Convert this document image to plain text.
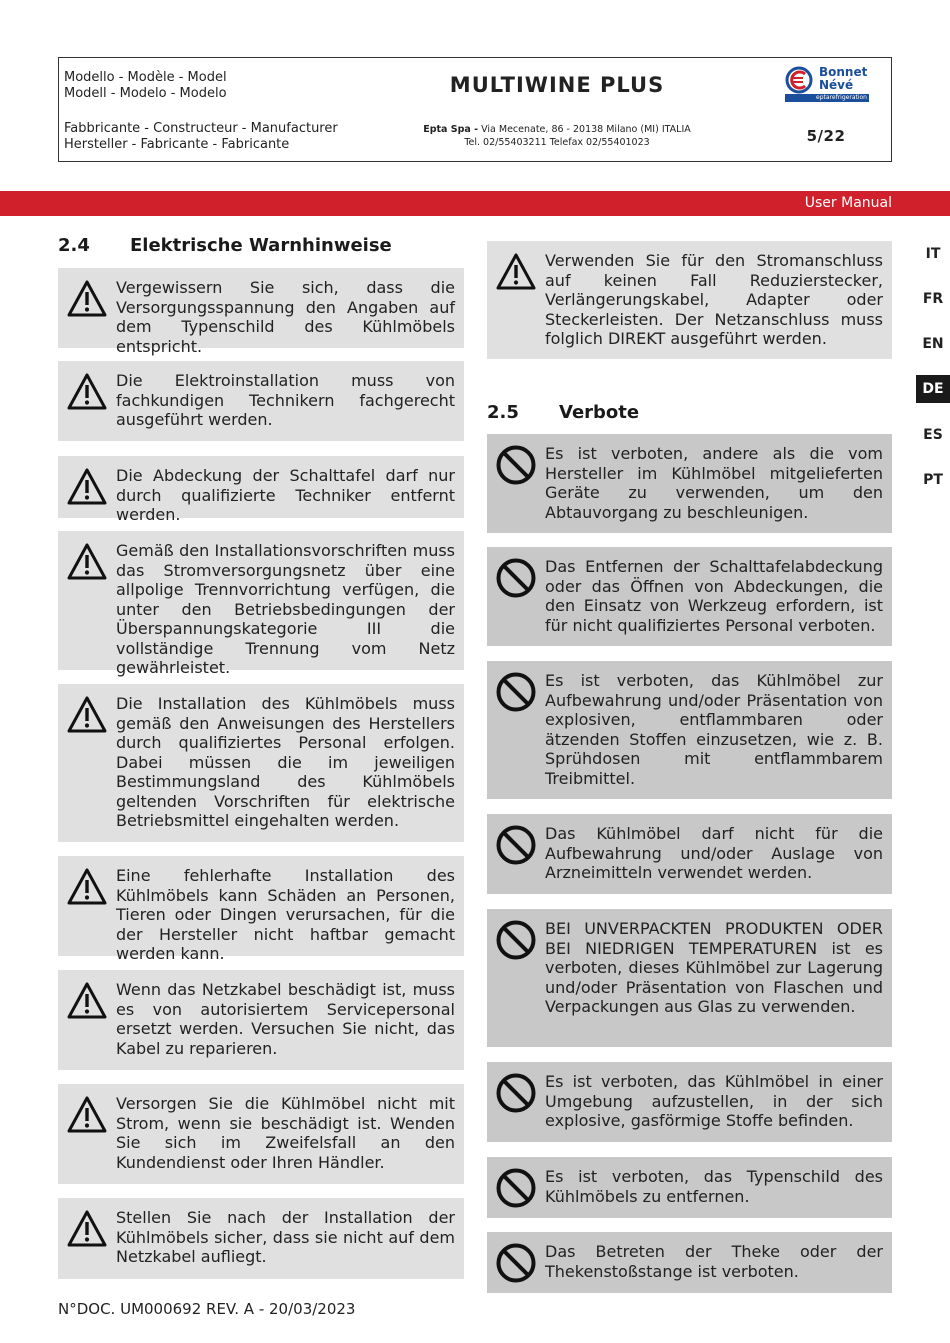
Modello - Modèle - Model
Modell - Modelo - Modelo	MULTIWINE PLUS
Bonnet
Névé
eptarefrigeration
Fabbricante - Constructeur - Manufacturer
Hersteller - Fabricante - Fabricante
Epta Spa - Via Mecenate, 86 - 20138 Milano (MI) ITALIA
Tel. 02/55403211 Telefax 02/55401023	5/22
User Manual
IT
FR
EN
DE
ES
PT
2.4 Elektrische Warnhinweise
Vergewissern Sie sich, dass die Versorgungsspannung den Angaben auf dem Typenschild des Kühlmöbels entspricht.
Die Elektroinstallation muss von fachkundigen Technikern fachgerecht ausgeführt werden.
Die Abdeckung der Schalttafel darf nur durch qualifizierte Techniker entfernt werden.
Gemäß den Installationsvorschriften muss das Stromversorgungsnetz über eine allpolige Trennvorrichtung verfügen, die unter den Betriebsbedingungen der Überspannungskategorie III die vollständige Trennung vom Netz gewährleistet.
Die Installation des Kühlmöbels muss gemäß den Anweisungen des Herstellers durch qualifiziertes Personal erfolgen. Dabei müssen die im jeweiligen Bestimmungsland des Kühlmöbels geltenden Vorschriften für elektrische Betriebsmittel eingehalten werden.
Eine fehlerhafte Installation des Kühlmöbels kann Schäden an Personen, Tieren oder Dingen verursachen, für die der Hersteller nicht haftbar gemacht werden kann.
Wenn das Netzkabel beschädigt ist, muss es von autorisiertem Servicepersonal ersetzt werden. Versuchen Sie nicht, das Kabel zu reparieren.
Versorgen Sie die Kühlmöbel nicht mit Strom, wenn sie beschädigt ist. Wenden Sie sich im Zweifelsfall an den Kundendienst oder Ihren Händler.
Stellen Sie nach der Installation der Kühlmöbels sicher, dass sie nicht auf dem Netzkabel aufliegt.
Verwenden Sie für den Stromanschluss auf keinen Fall Reduzierstecker, Verlängerungskabel, Adapter oder Steckerleisten. Der Netzanschluss muss folglich DIREKT ausgeführt werden.
2.5 Verbote
Es ist verboten, andere als die vom Hersteller im Kühlmöbel mitgelieferten Geräte zu verwenden, um den Abtauvorgang zu beschleunigen.
Das Entfernen der Schalttafelabdeckung oder das Öffnen von Abdeckungen, die den Einsatz von Werkzeug erfordern, ist für nicht qualifiziertes Personal verboten.
Es ist verboten, das Kühlmöbel zur Aufbewahrung und/oder Präsentation von explosiven, entflammbaren oder ätzenden Stoffen einzusetzen, wie z. B. Sprühdosen mit entflammbarem Treibmittel.
Das Kühlmöbel darf nicht für die Aufbewahrung und/oder Auslage von Arzneimitteln verwendet werden.
BEI UNVERPACKTEN PRODUKTEN ODER BEI NIEDRIGEN TEMPERATUREN ist es verboten, dieses Kühlmöbel zur Lagerung und/oder Präsentation von Flaschen und Verpackungen aus Glas zu verwenden.
Es ist verboten, das Kühlmöbel in einer Umgebung aufzustellen, in der sich explosive, gasförmige Stoffe befinden.
Es ist verboten, das Typenschild des Kühlmöbels zu entfernen.
Das Betreten der Theke oder der Thekenstoßstange ist verboten.
N°DOC. UM000692 REV. A - 20/03/2023
